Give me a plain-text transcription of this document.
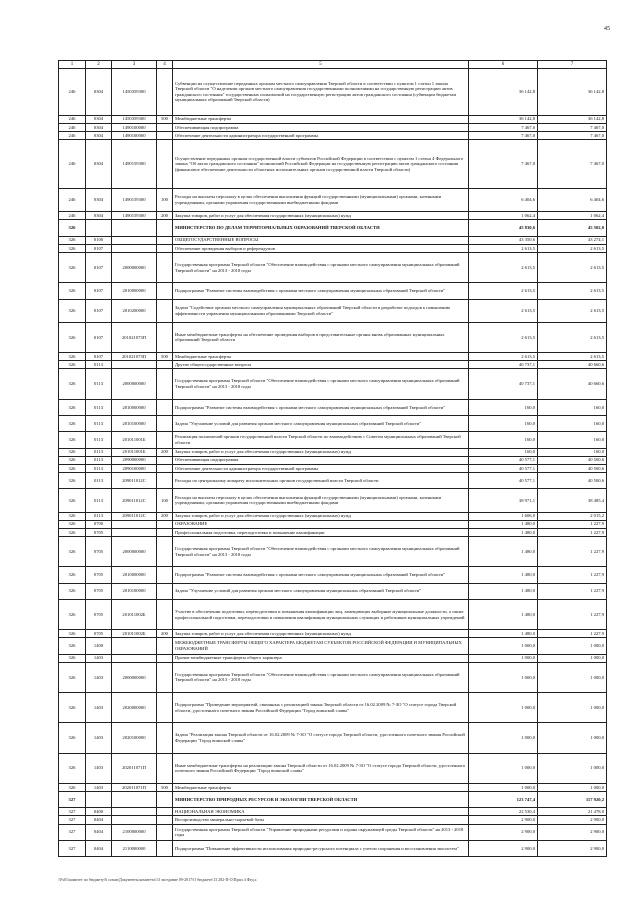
45
1	2	3	4	5	6	7
246	0304	1450359300		Субвенции на осуществление переданных органам местного самоуправления Тверской области в соответствии с пунктом 1 статьи 1 закона Тверской области "О наделении органов местного самоуправления государственными полномочиями на государственную регистрацию актов гражданского состояния" государственных полномочий на государственную регистрацию актов гражданского состояния (субвенции бюджетам муниципальных образований Тверской области)	36 142,8	36 142,8
246	0304	1450359300	500	Межбюджетные трансферты	36 142,8	36 142,8
246	0304	1490100000		Обеспечивающая подпрограмма	7 467,0	7 467,0
246	0304	1490100000		Обеспечение деятельности администратора государственной программы	7 467,0	7 467,0
246	0304	1490159300		Осуществление переданных органам государственной власти субъектов Российской Федерации в соответствии с пунктом 1 статьи 4 Федерального закона "Об актах гражданского состояния" полномочий Российской Федерации на государственную регистрацию актов гражданского состояния (финансовое обеспечение деятельности областных исполнительных органов государственной власти Тверской области)	7 467,0	7 467,0
246	0304	1490159300	100	Расходы на выплаты персоналу в целях обеспечения выполнения функций государственными (муниципальными) органами, казенными учреждениями, органами управления государственными внебюджетными фондами	6 404,6	6 404,6
246	0304	1490159300	200	Закупка товаров, работ и услуг для обеспечения государственных (муниципальных) нужд	1 062,4	1 062,4
326				МИНИСТЕРСТВО ПО ДЕЛАМ ТЕРРИТОРИАЛЬНЫХ ОБРАЗОВАНИЙ ТВЕРСКОЙ ОБЛАСТИ	45 830,6	45 502,0
326	0100			ОБЩЕГОСУДАРСТВЕННЫЕ ВОПРОСЫ	43 350,6	43 274,1
326	0107			Обеспечение проведения выборов и референдумов	2 613,5	2 613,5
326	0107	2000000000		Государственная программа Тверской области "Обеспечение взаимодействия с органами местного самоуправления муниципальных образований Тверской области" на 2013 - 2018 годы	2 613,5	2 613,5
326	0107	2010000000		Подпрограмма "Развитие системы взаимодействия с органами местного самоуправления муниципальных образований Тверской области"	2 613,5	2 613,5
326	0107	2010200000		Задача "Содействие органам местного самоуправления муниципальных образований Тверской области в разработке подходов к повышению эффективности управления муниципальными образованиями Тверской области"	2 613,5	2 613,5
326	0107	201021073П		Иные межбюджетные трансферты на обеспечение проведения выборов в представительные органы вновь образованных муниципальных образований Тверской области	2 613,5	2 613,5
326	0107	201021073П	500	Межбюджетные трансферты	2 613,5	2 613,5
326	0113			Другие общегосударственные вопросы	40 737,1	40 660,6
326	0113	2000000000		Государственная программа Тверской области "Обеспечение взаимодействия с органами местного самоуправления муниципальных образований Тверской области" на 2013 - 2018 годы	40 737,1	40 660,6
326	0113	2010000000		Подпрограмма "Развитие системы взаимодействия с органами местного самоуправления муниципальных образований Тверской области"	160,0	160,0
326	0113	2010100000		Задача "Улучшение условий для развития органов местного самоуправления муниципальных образований Тверской области"	160,0	160,0
326	0113	201011001Б		Реализация полномочий органов государственной власти Тверской области по взаимодействию с Советом муниципальных образований Тверской области	160,0	160,0
326	0113	201011001Б	200	Закупка товаров, работ и услуг для обеспечения государственных (муниципальных) нужд	160,0	160,0
326	0113	2090000000		Обеспечивающая подпрограмма	40 577,1	40 500,6
326	0113	2090100000		Обеспечение деятельности администратора государственной программы	40 577,1	40 500,6
326	0113	209011012С		Расходы по центральному аппарату исполнительных органов государственной власти Тверской области	40 577,1	40 500,6
326	0113	209011012С	100	Расходы на выплаты персоналу в целях обеспечения выполнения функций государственными (муниципальными) органами, казенными учреждениями, органами управления государственными внебюджетными фондами	38 971,1	38 485,4
326	0113	209011012С	200	Закупка товаров, работ и услуг для обеспечения государственных (муниципальных) нужд	1 606,0	2 015,2
326	0700			ОБРАЗОВАНИЕ	1 480,0	1 227,9
326	0705			Профессиональная подготовка, переподготовка и повышение квалификации	1 480,0	1 227,9
326	0705	2000000000		Государственная программа Тверской области "Обеспечение взаимодействия с органами местного самоуправления муниципальных образований Тверской области" на 2013 - 2018 годы	1 480,0	1 227,9
326	0705	2010000000		Подпрограмма "Развитие системы взаимодействия с органами местного самоуправления муниципальных образований Тверской области"	1 480,0	1 227,9
326	0705	2010100000		Задача "Улучшение условий для развития органов местного самоуправления муниципальных образований Тверской области"	1 480,0	1 227,9
326	0705	201011002Б		Участие в обеспечении подготовки, переподготовки и повышения квалификации лиц, замещающих выборные муниципальные должности, а также профессиональной подготовки, переподготовки и повышения квалификации муниципальных служащих и работников муниципальных учреждений	1 480,0	1 227,9
326	0705	201011002Б	200	Закупка товаров, работ и услуг для обеспечения государственных (муниципальных) нужд	1 480,0	1 227,9
326	1400			МЕЖБЮДЖЕТНЫЕ ТРАНСФЕРТЫ ОБЩЕГО ХАРАКТЕРА БЮДЖЕТАМ СУБЪЕКТОВ РОССИЙСКОЙ ФЕДЕРАЦИИ И МУНИЦИПАЛЬНЫХ ОБРАЗОВАНИЙ	1 000,0	1 000,0
326	1403			Прочие межбюджетные трансферты общего характера	1 000,0	1 000,0
326	1403	2000000000		Государственная программа Тверской области "Обеспечение взаимодействия с органами местного самоуправления муниципальных образований Тверской области" на 2013 - 2018 годы	1 000,0	1 000,0
326	1403	2020000000		Подпрограмма "Проведение мероприятий, связанных с реализацией закона Тверской области от 16.02.2009 № 7-ЗО "О статусе города Тверской области, удостоенного почетного звания Российской Федерации "Город воинской славы"	1 000,0	1 000,0
326	1403	2020100000		Задача "Реализация закона Тверской области от 16.02.2009 № 7-ЗО "О статусе города Тверской области, удостоенного почетного звания Российской Федерации "Город воинской славы"	1 000,0	1 000,0
326	1403	202011071П		Иные межбюджетные трансферты на реализацию закона Тверской области от 16.02.2009 № 7-ЗО "О статусе города Тверской области, удостоенного почетного звания Российской Федерации "Город воинской славы"	1 000,0	1 000,0
326	1403	202011071П	500	Межбюджетные трансферты	1 000,0	1 000,0
327				МИНИСТЕРСТВО ПРИРОДНЫХ РЕСУРСОВ И ЭКОЛОГИИ ТВЕРСКОЙ ОБЛАСТИ	123 747,4	117 920,2
327	0400			НАЦИОНАЛЬНАЯ ЭКОНОМИКА	22 530,4	21 478,0
327	0404			Воспроизводство минерально-сырьевой базы	2 900,0	2 900,0
327	0404	2100000000		Государственная программа Тверской области "Управление природными ресурсами и охрана окружающей среды Тверской области" на 2013 - 2018 годы	2 900,0	2 900,0
327	0404	2110000000		Подпрограмма "Повышение эффективности использования природно-ресурсного потенциала с учетом сохранения и восстановления экосистем"	2 900,0	2 900,0
\\Fs01\комитет по бюджету\6 созыв\Документы комитета\13 заседание 09-2017\О бюджете\13 282-П-О\Прил 4 Фед.х
